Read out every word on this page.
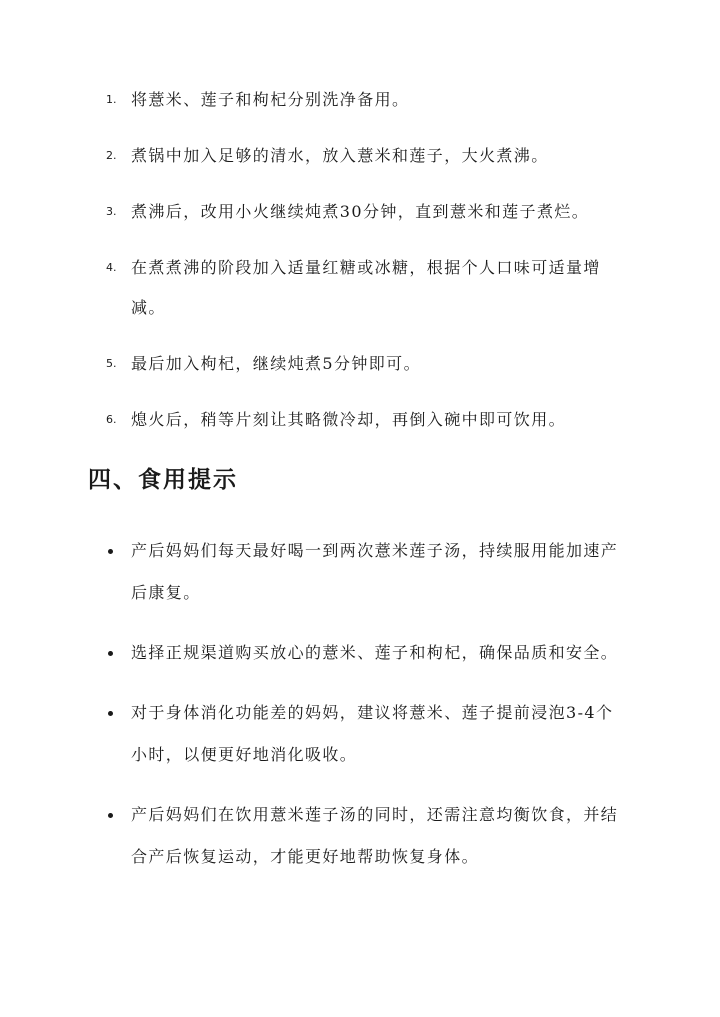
1. 将薏米、莲子和枸杞分别洗净备用。
2. 煮锅中加入足够的清水，放入薏米和莲子，大火煮沸。
3. 煮沸后，改用小火继续炖煮30分钟，直到薏米和莲子煮烂。
4. 在煮煮沸的阶段加入适量红糖或冰糖，根据个人口味可适量增减。
5. 最后加入枸杞，继续炖煮5分钟即可。
6. 熄火后，稍等片刻让其略微冷却，再倒入碗中即可饮用。
四、食用提示
产后妈妈们每天最好喝一到两次薏米莲子汤，持续服用能加速产后康复。
选择正规渠道购买放心的薏米、莲子和枸杞，确保品质和安全。
对于身体消化功能差的妈妈，建议将薏米、莲子提前浸泡3-4个小时，以便更好地消化吸收。
产后妈妈们在饮用薏米莲子汤的同时，还需注意均衡饮食，并结合产后恢复运动，才能更好地帮助恢复身体。
